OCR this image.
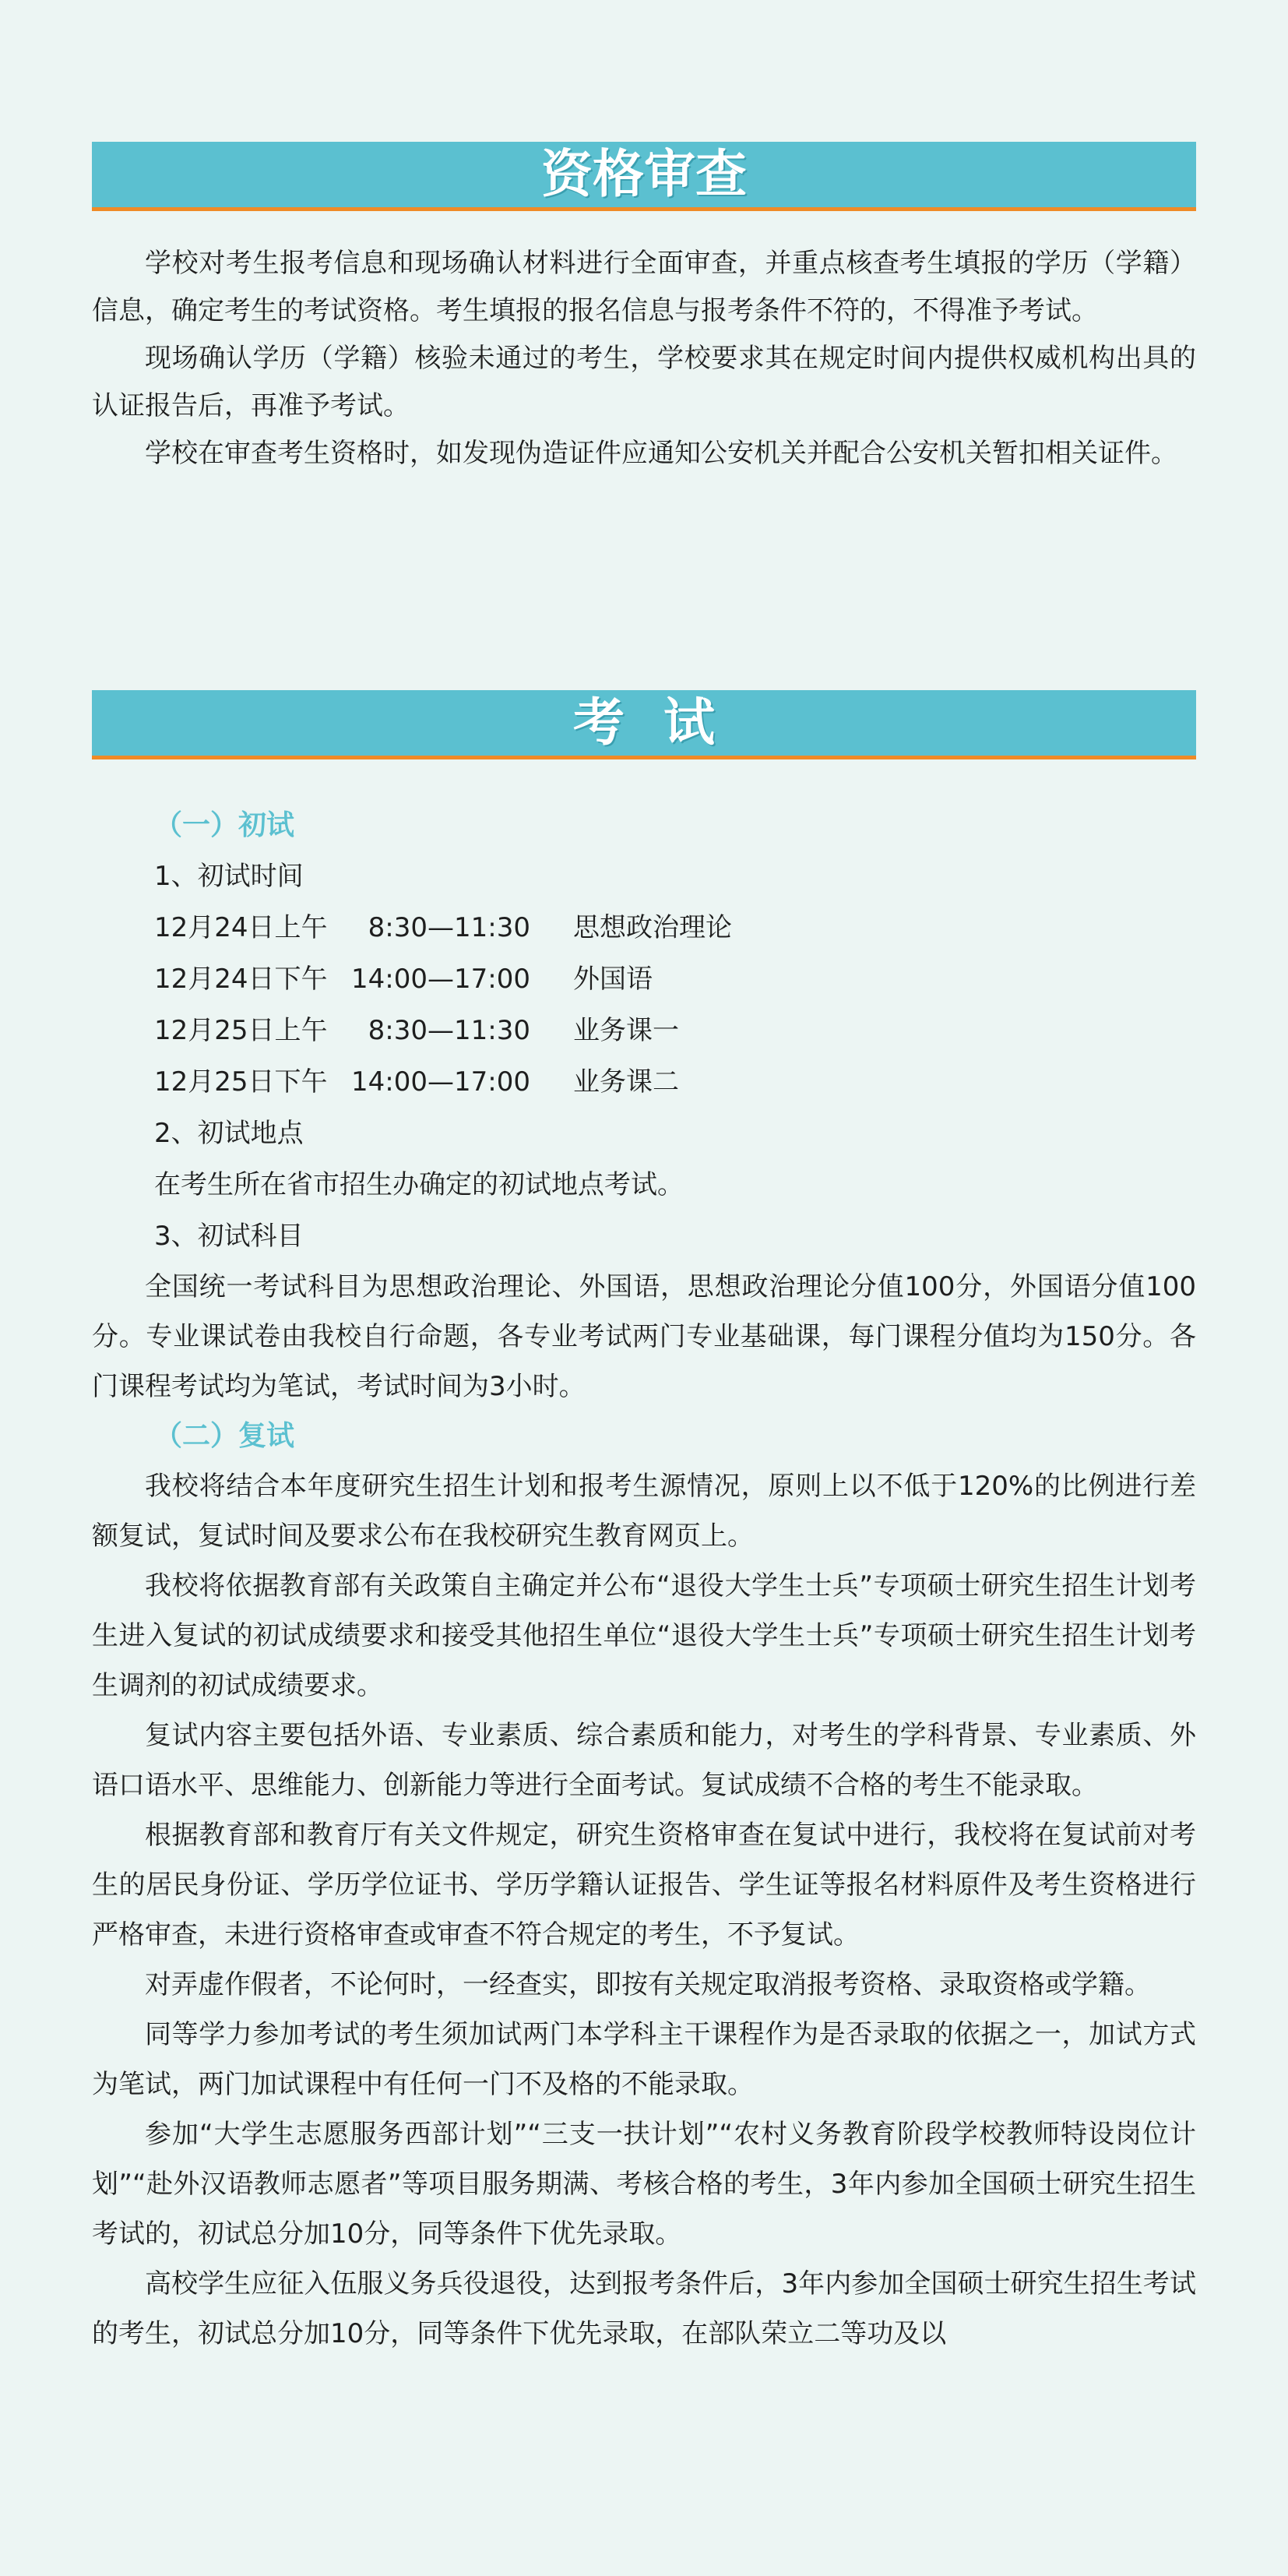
资格审查

学校对考生报考信息和现场确认材料进行全面审查，并重点核查考生填报的学历（学籍）信息，确定考生的考试资格。考生填报的报名信息与报考条件不符的，不得准予考试。

现场确认学历（学籍）核验未通过的考生，学校要求其在规定时间内提供权威机构出具的认证报告后，再准予考试。

学校在审查考生资格时，如发现伪造证件应通知公安机关并配合公安机关暂扣相关证件。

考试

（一）初试

1、初试时间

12月24日上午	8:30—11:30 思想政治理论
12月24日下午 14:00—17:00 外国语
12月25日上午	8:30—11:30 业务课一
12月25日下午 14:00—17:00 业务课二

2、初试地点

在考生所在省市招生办确定的初试地点考试。

3、初试科目

全国统一考试科目为思想政治理论、外国语，思想政治理论分值100分，外国语分值100分。专业课试卷由我校自行命题，各专业考试两门专业基础课，每门课程分值均为150分。各门课程考试均为笔试，考试时间为3小时。

（二）复试

我校将结合本年度研究生招生计划和报考生源情况，原则上以不低于120%的比例进行差额复试，复试时间及要求公布在我校研究生教育网页上。

我校将依据教育部有关政策自主确定并公布“退役大学生士兵”专项硕士研究生招生计划考生进入复试的初试成绩要求和接受其他招生单位“退役大学生士兵”专项硕士研究生招生计划考生调剂的初试成绩要求。

复试内容主要包括外语、专业素质、综合素质和能力，对考生的学科背景、专业素质、外语口语水平、思维能力、创新能力等进行全面考试。复试成绩不合格的考生不能录取。

根据教育部和教育厅有关文件规定，研究生资格审查在复试中进行，我校将在复试前对考生的居民身份证、学历学位证书、学历学籍认证报告、学生证等报名材料原件及考生资格进行严格审查，未进行资格审查或审查不符合规定的考生，不予复试。

对弄虚作假者，不论何时，一经查实，即按有关规定取消报考资格、录取资格或学籍。

同等学力参加考试的考生须加试两门本学科主干课程作为是否录取的依据之一，加试方式为笔试，两门加试课程中有任何一门不及格的不能录取。

参加“大学生志愿服务西部计划”“三支一扶计划”“农村义务教育阶段学校教师特设岗位计划”“赴外汉语教师志愿者”等项目服务期满、考核合格的考生，3年内参加全国硕士研究生招生考试的，初试总分加10分，同等条件下优先录取。

高校学生应征入伍服义务兵役退役，达到报考条件后，3年内参加全国硕士研究生招生考试的考生，初试总分加10分，同等条件下优先录取，在部队荣立二等功及以
